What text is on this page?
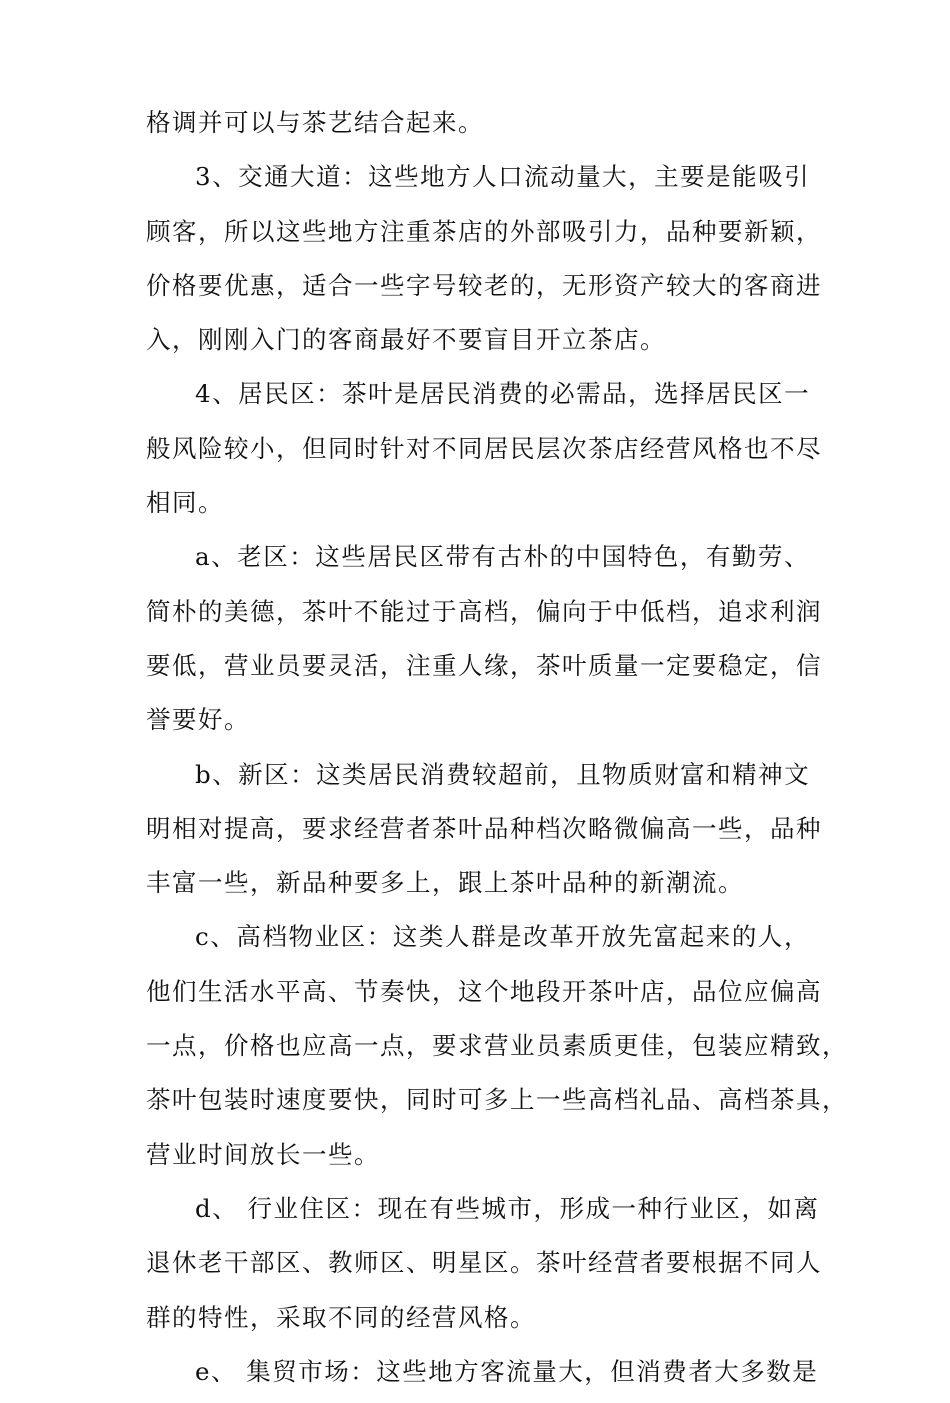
格调并可以与茶艺结合起来。
3、交通大道：这些地方人口流动量大，主要是能吸引
顾客，所以这些地方注重茶店的外部吸引力，品种要新颖，
价格要优惠，适合一些字号较老的，无形资产较大的客商进
入，刚刚入门的客商最好不要盲目开立茶店。
4、居民区：茶叶是居民消费的必需品，选择居民区一
般风险较小，但同时针对不同居民层次茶店经营风格也不尽
相同。
a、老区：这些居民区带有古朴的中国特色，有勤劳、
简朴的美德，茶叶不能过于高档，偏向于中低档，追求利润
要低，营业员要灵活，注重人缘，茶叶质量一定要稳定，信
誉要好。
b、新区：这类居民消费较超前，且物质财富和精神文
明相对提高，要求经营者茶叶品种档次略微偏高一些，品种
丰富一些，新品种要多上，跟上茶叶品种的新潮流。
c、高档物业区：这类人群是改革开放先富起来的人，
他们生活水平高、节奏快，这个地段开茶叶店，品位应偏高
一点，价格也应高一点，要求营业员素质更佳，包装应精致，
茶叶包装时速度要快，同时可多上一些高档礼品、高档茶具，
营业时间放长一些。
d、 行业住区：现在有些城市，形成一种行业区，如离
退休老干部区、教师区、明星区。茶叶经营者要根据不同人
群的特性，采取不同的经营风格。
e、 集贸市场：这些地方客流量大，但消费者大多数是
